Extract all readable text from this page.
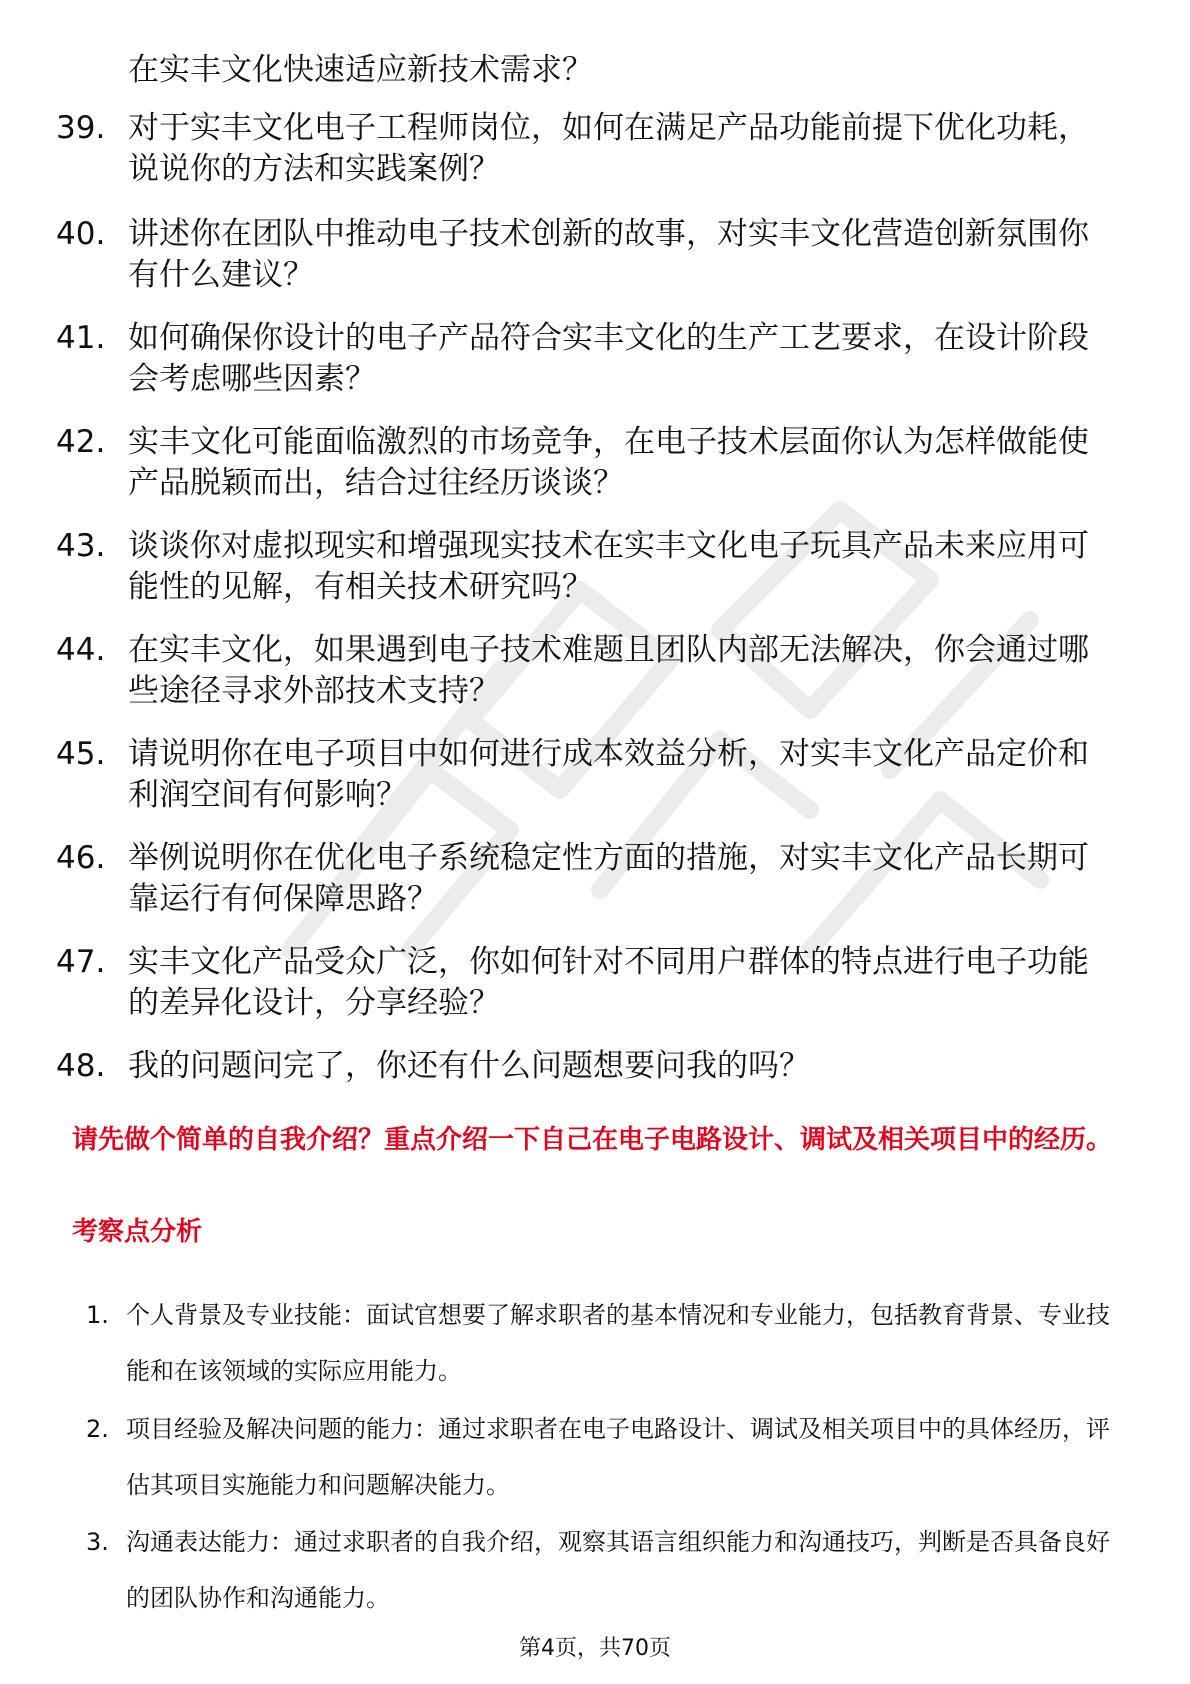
在实丰文化快速适应新技术需求？
39. 对于实丰文化电子工程师岗位，如何在满足产品功能前提下优化功耗，说说你的方法和实践案例？
40. 讲述你在团队中推动电子技术创新的故事，对实丰文化营造创新氛围你有什么建议？
41. 如何确保你设计的电子产品符合实丰文化的生产工艺要求，在设计阶段会考虑哪些因素？
42. 实丰文化可能面临激烈的市场竞争，在电子技术层面你认为怎样做能使产品脱颖而出，结合过往经历谈谈？
43. 谈谈你对虚拟现实和增强现实技术在实丰文化电子玩具产品未来应用可能性的见解，有相关技术研究吗？
44. 在实丰文化，如果遇到电子技术难题且团队内部无法解决，你会通过哪些途径寻求外部技术支持？
45. 请说明你在电子项目中如何进行成本效益分析，对实丰文化产品定价和利润空间有何影响？
46. 举例说明你在优化电子系统稳定性方面的措施，对实丰文化产品长期可靠运行有何保障思路？
47. 实丰文化产品受众广泛，你如何针对不同用户群体的特点进行电子功能的差异化设计，分享经验？
48. 我的问题问完了，你还有什么问题想要问我的吗？

请先做个简单的自我介绍？重点介绍一下自己在电子电路设计、调试及相关项目中的经历。

考察点分析
1. 个人背景及专业技能：面试官想要了解求职者的基本情况和专业能力，包括教育背景、专业技能和在该领域的实际应用能力。
2. 项目经验及解决问题的能力：通过求职者在电子电路设计、调试及相关项目中的具体经历，评估其项目实施能力和问题解决能力。
3. 沟通表达能力：通过求职者的自我介绍，观察其语言组织能力和沟通技巧，判断是否具备良好的团队协作和沟通能力。
第4页，共70页
